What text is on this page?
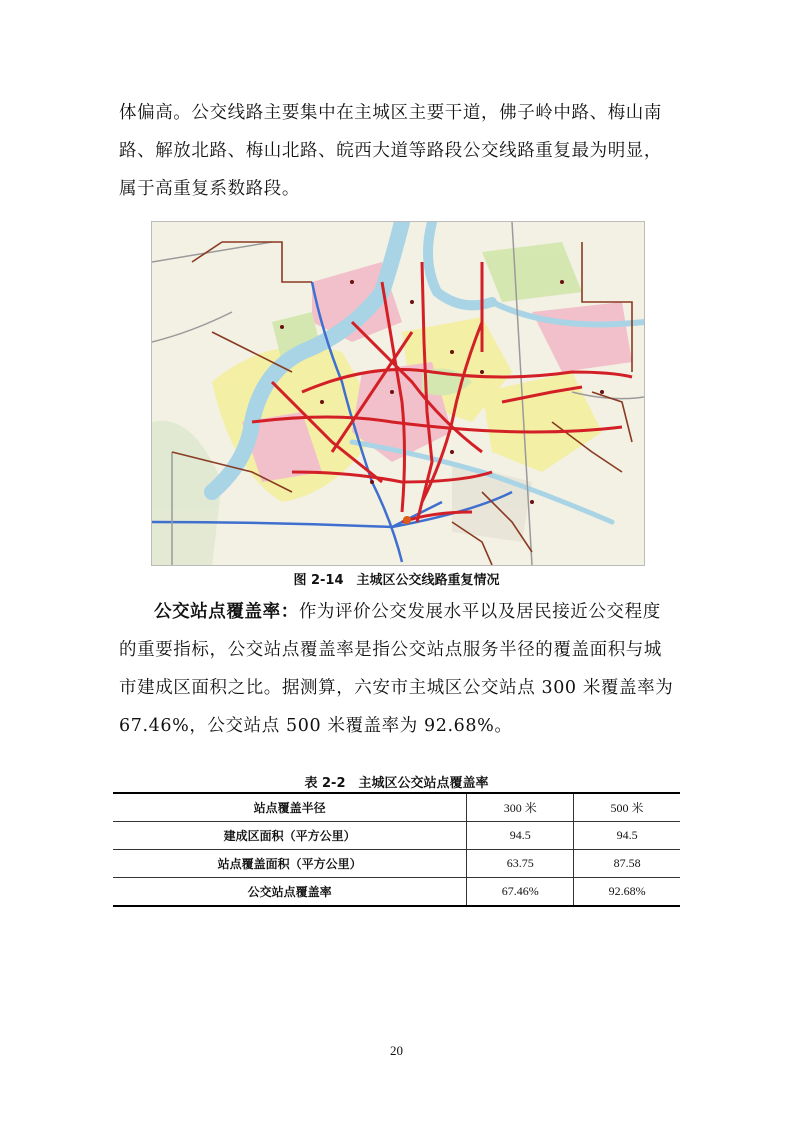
体偏高。公交线路主要集中在主城区主要干道，佛子岭中路、梅山南
路、解放北路、梅山北路、皖西大道等路段公交线路重复最为明显，
属于高重复系数路段。

图 2-14　主城区公交线路重复情况

公交站点覆盖率：作为评价公交发展水平以及居民接近公交程度
的重要指标，公交站点覆盖率是指公交站点服务半径的覆盖面积与城
市建成区面积之比。据测算，六安市主城区公交站点 300 米覆盖率为
67.46%，公交站点 500 米覆盖率为 92.68%。

表 2-2　主城区公交站点覆盖率
站点覆盖半径	300 米	500 米
建成区面积（平方公里）	94.5	94.5
站点覆盖面积（平方公里）	63.75	87.58
公交站点覆盖率	67.46%	92.68%
20
